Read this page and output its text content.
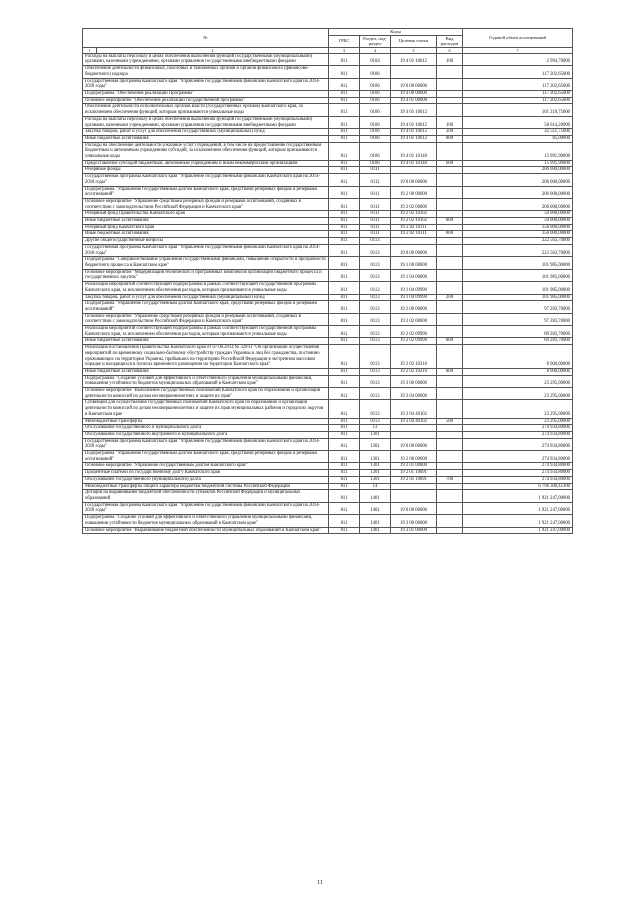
№		Коды				Годовой объем ассигнований
		ГРБС	Раздел, под-раздел	Целевая статья	Вид расходов	
1	2	3	4	5	6	7
Расходы на выплаты персоналу в целях обеспечения выполнения функций государственными (муниципальными) органами, казенными учреждениями, органами управления государственными внебюджетными фондами		811	0104	19 4 01 10012	100	2 994,70000
Обеспечение деятельности финансовых, налоговых и таможенных органов и органов финансового (финансово-бюджетного) надзора		811	0106			117 202,65000
Государственная программа Камчатского края "Управление государственными финансами Камчатского края на 2014-2018 годы"		811	0106	19 0 00 00000		117 202,65000
Подпрограмма "Обеспечение реализации Программы"		811	0106	19 4 00 00000		117 202,65000
Основное мероприятие "Обеспечение реализации государственной программы"		811	0106	19 4 01 00000		117 202,65000
Обеспечение деятельности исполнительных органов власти (государственных органов) Камчатского края, за исключением обеспечения функций, которым присваиваются уникальные коды		811	0106	19 4 01 10012		101 210,75000
Расходы на выплаты персоналу в целях обеспечения выполнения функций государственными (муниципальными) органами, казенными учреждениями, органами управления государственными внебюджетными фондами		811	0106	19 4 01 10012	100	58 614,20000
Закупка товаров, работ и услуг для обеспечения государственных (муниципальных) нужд		811	0106	19 4 01 10012	200	42 511,75000
Иные бюджетные ассигнования		811	0106	19 4 01 10012	800	85,00000
Расходы на обеспечение деятельности (оказание услуг) учреждений, в том числе на предоставление государственным бюджетным и автономным учреждениям субсидий, за исключением обеспечения функций, которым присваиваются уникальные коды		811	0106	19 4 01 10140		15 991,90000
Предоставление субсидий бюджетным, автономным учреждениям и иным некоммерческим организациям		811	0106	19 4 01 10140	600	15 991,90000
Резервные фонды		811	0111			206 000,00000
Государственная программа Камчатского края "Управление государственными финансами Камчатского края на 2014-2018 годы"		811	0111	19 0 00 00000		206 000,00000
Подпрограмма "Управление государственным долгом Камчатского края, средствами резервных фондов и резервами ассигнований"		811	0111	19 2 00 00000		206 000,00000
Основное мероприятие "Управление средствами резервных фондов и резервами ассигнований, созданных в соответствии с законодательством Российской Федерации и Камчатского края"		811	0111	19 2 02 00000		206 000,00000
Резервный фонд Правительства Камчатского края		811	0111	19 2 02 10102		50 000,00000
Иные бюджетные ассигнования		811	0111	19 2 02 10102	800	50 000,00000
Резервный фонд Камчатского края		811	0111	19 2 02 10111		156 000,00000
Иные бюджетные ассигнования		811	0111	19 2 02 10111	800	156 000,00000
Другие общегосударственные вопросы		811	0113			222 563,70000
Государственная программа Камчатского края "Управление государственными финансами Камчатского края на 2014-2018 годы"		811	0113	19 0 00 00000		222 563,70000
Подпрограмма "Совершенствование управления государственными финансами, повышение открытости и прозрачности бюджетного процесса в Камчатском крае"		811	0113	19 1 00 00000		101 985,00000
Основное мероприятие "Модернизация технических и программных комплексов организации бюджетного процесса и государственных закупок"		811	0113	19 1 04 00000		101 985,00000
Реализация мероприятий соответствующей подпрограммы в рамках соответствующей государственной программы Камчатского края, за исключением обеспечения расходов, которым присваиваются уникальные коды		811	0113	19 1 04 09990		101 985,00000
Закупка товаров, работ и услуг для обеспечения государственных (муниципальных) нужд		811	0113	19 1 04 09990	200	101 985,00000
Подпрограмма "Управление государственным долгом Камчатского края, средствами резервных фондов и резервами ассигнований"		811	0113	19 2 00 00000		97 283,70000
Основное мероприятие "Управление средствами резервных фондов и резервами ассигнований, созданных в соответствии с законодательством Российской Федерации и Камчатского края"		811	0113	19 2 02 00000		97 283,70000
Реализация мероприятий соответствующей подпрограммы в рамках соответствующей государственной программы Камчатского края, за исключением обеспечения расходов, которым присваиваются уникальные коды		811	0113	19 2 02 09990		89 283,70000
Иные бюджетные ассигнования		811	0113	19 2 02 09990	800	89 283,70000
Реализация постановления Правительства Камчатского края от 07.08.2014 № 329-П "Об организации осуществления мероприятий по временному социально-бытовому обустройству граждан Украины и лиц без гражданства, постоянно проживающих на территории Украины, прибывших на территорию Российской Федерации в экстренном массовом порядке и находящихся в пунктах временного размещения на территории Камчатского края"		811	0113	19 2 02 10210		8 000,00000
Иные бюджетные ассигнования		811	0113	19 2 02 10210	800	8 000,00000
Подпрограмма "Создание условий для эффективного и ответственного управления муниципальными финансами, повышения устойчивости бюджетов муниципальных образований в Камчатском крае"		811	0113	19 3 00 00000		23 295,00000
Основное мероприятие "Выполнение государственных полномочий Камчатского края по образованию и организации деятельности комиссий по делам несовершеннолетних и защите их прав"		811	0113	19 3 04 00000		23 295,00000
Субвенции для осуществления государственных полномочий Камчатского края по образованию и организации деятельности комиссий по делам несовершеннолетних и защите их прав муниципальных районов и городских округов в Камчатском крае		811	0113	19 3 04 40102		23 295,00000
Межбюджетные трансферты		811	0113	19 3 04 40102	500	23 295,00000
Обслуживание государственного и муниципального долга		811	13			274 934,80000
Обслуживание государственного внутреннего и муниципального долга		811	1301			274 934,80000
Государственная программа Камчатского края "Управление государственными финансами Камчатского края на 2014-2018 годы"		811	1301	19 0 00 00000		274 934,80000
Подпрограмма "Управление государственным долгом Камчатского края, средствами резервных фондов и резервами ассигнований"		811	1301	19 2 00 00000		274 934,80000
Основное мероприятие "Управление государственным долгом Камчатского края"		811	1301	19 2 01 00000		274 934,80000
Процентные платежи по государственному долгу Камчатского края		811	1301	19 2 01 10091		274 934,80000
Обслуживание государственного (муниципального) долга		811	1301	19 2 01 10091	700	274 934,80000
Межбюджетные трансферты общего характера бюджетам бюджетной системы Российской Федерации		811	14			6 796 300,45100
Дотации на выравнивание бюджетной обеспеченности субъектов Российской Федерации и муниципальных образований		811	1401			1 921 247,00000
Государственная программа Камчатского края "Управление государственными финансами Камчатского края на 2014-2018 годы"		811	1401	19 0 00 00000		1 921 247,00000
Подпрограмма "Создание условий для эффективного и ответственного управления муниципальными финансами, повышения устойчивости бюджетов муниципальных образований в Камчатском крае"		811	1401	19 3 00 00000		1 921 247,00000
Основное мероприятие "Выравнивание бюджетной обеспеченности муниципальных образований в Камчатском крае"		811	1401	19 3 01 00000		1 921 247,00000
11
